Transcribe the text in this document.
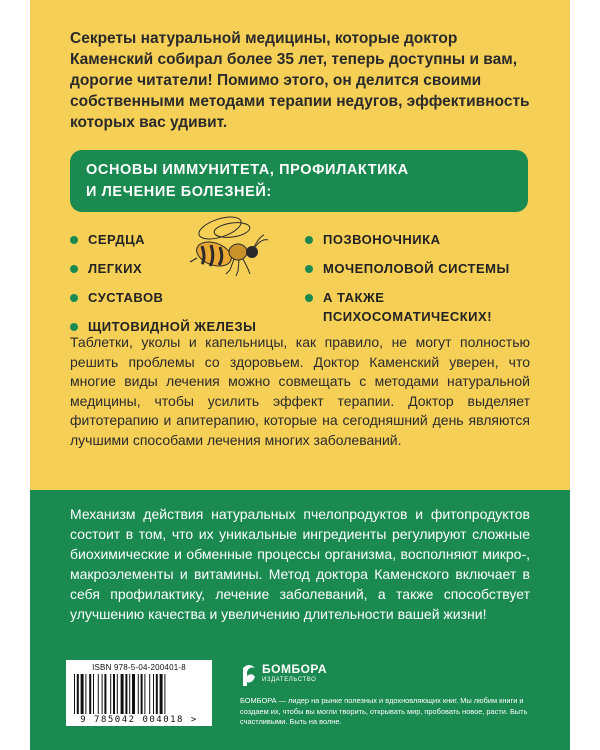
Секреты натуральной медицины, которые доктор Каменский собирал более 35 лет, теперь доступны и вам, дорогие читатели! Помимо этого, он делится своими собственными методами терапии недугов, эффективность которых вас удивит.

ОСНОВЫ ИММУНИТЕТА, ПРОФИЛАКТИКА
И ЛЕЧЕНИЕ БОЛЕЗНЕЙ:
СЕРДЦА
ЛЕГКИХ
СУСТАВОВ
ЩИТОВИДНОЙ ЖЕЛЕЗЫ
ПОЗВОНОЧНИКА
МОЧЕПОЛОВОЙ СИСТЕМЫ
А ТАКЖЕ
ПСИХОСОМАТИЧЕСКИХ!

Таблетки, уколы и капельницы, как правило, не могут полностью решить проблемы со здоровьем. Доктор Каменский уверен, что многие виды лечения можно совмещать с методами натуральной медицины, чтобы усилить эффект терапии. Доктор выделяет фитотерапию и апитерапию, которые на сегодняшний день являются лучшими способами лечения многих заболеваний.

Механизм действия натуральных пчелопродуктов и фитопродуктов состоит в том, что их уникальные ингредиенты регулируют сложные биохимические и обменные процессы организма, восполняют микро-, макроэлементы и витамины. Метод доктора Каменского включает в себя профилактику, лечение заболеваний, а также способствует улучшению качества и увеличению длительности вашей жизни!

ISBN 978-5-04-200401-8
9 785042 004018 >
БОМБОРА
ИЗДАТЕЛЬСТВО

БОМБОРА — лидер на рынке полезных и вдохновляющих книг. Мы любим книги и создаем их, чтобы вы могли творить, открывать мир, пробовать новое, расти. Быть счастливыми. Быть на волне.
